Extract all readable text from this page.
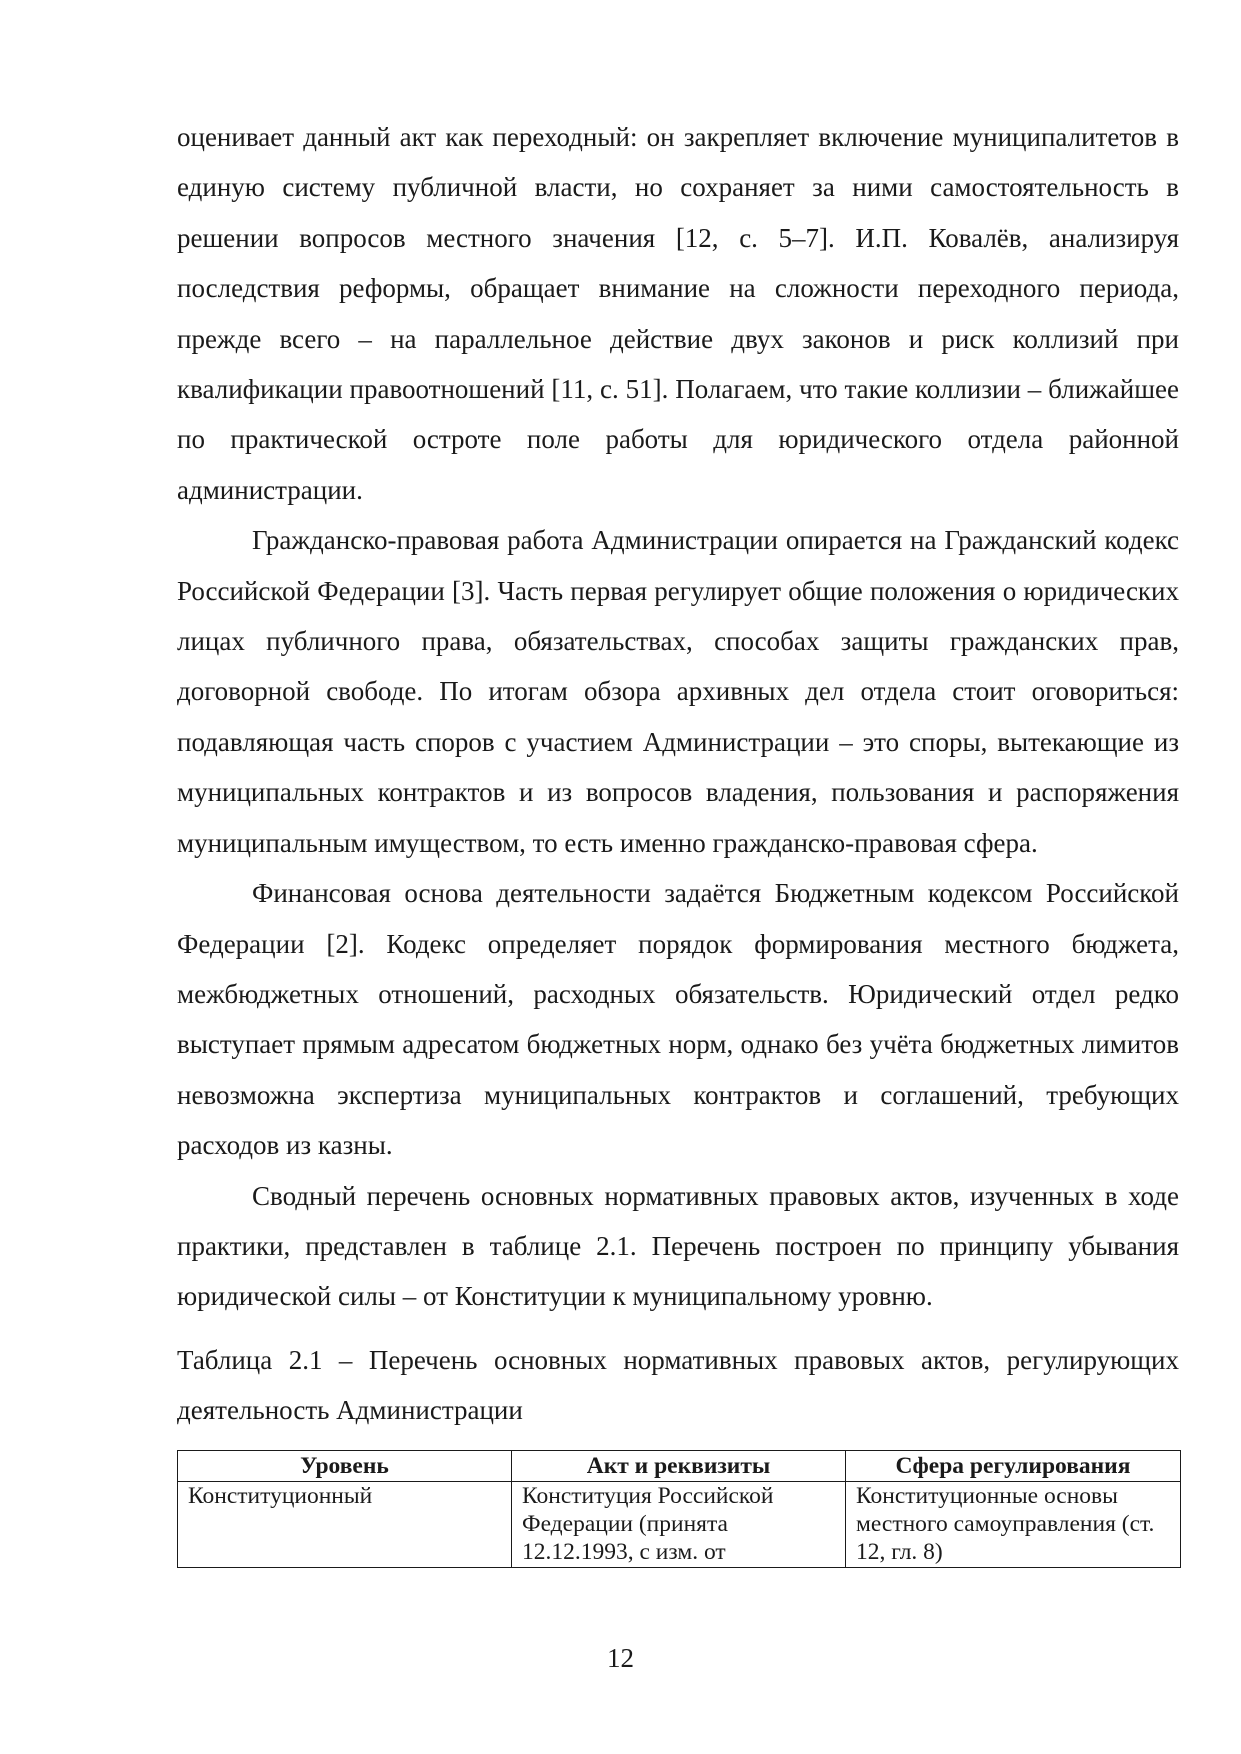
оценивает данный акт как переходный: он закрепляет включение муниципалитетов в единую систему публичной власти, но сохраняет за ними самостоятельность в решении вопросов местного значения [12, с. 5–7]. И.П. Ковалёв, анализируя последствия реформы, обращает внимание на сложности переходного периода, прежде всего – на параллельное действие двух законов и риск коллизий при квалификации правоотношений [11, с. 51]. Полагаем, что такие коллизии – ближайшее по практической остроте поле работы для юридического отдела районной администрации.

Гражданско-правовая работа Администрации опирается на Гражданский кодекс Российской Федерации [3]. Часть первая регулирует общие положения о юридических лицах публичного права, обязательствах, способах защиты гражданских прав, договорной свободе. По итогам обзора архивных дел отдела стоит оговориться: подавляющая часть споров с участием Администрации – это споры, вытекающие из муниципальных контрактов и из вопросов владения, пользования и распоряжения муниципальным имуществом, то есть именно гражданско-правовая сфера.

Финансовая основа деятельности задаётся Бюджетным кодексом Российской Федерации [2]. Кодекс определяет порядок формирования местного бюджета, межбюджетных отношений, расходных обязательств. Юридический отдел редко выступает прямым адресатом бюджетных норм, однако без учёта бюджетных лимитов невозможна экспертиза муниципальных контрактов и соглашений, требующих расходов из казны.

Сводный перечень основных нормативных правовых актов, изученных в ходе практики, представлен в таблице 2.1. Перечень построен по принципу убывания юридической силы – от Конституции к муниципальному уровню.

Таблица 2.1 – Перечень основных нормативных правовых актов, регулирующих деятельность Администрации

Уровень	Акт и реквизиты	Сфера регулирования
Конституционный	Конституция Российской Федерации (принята 12.12.1993, с изм. от	Конституционные основы местного самоуправления (ст. 12, гл. 8)
12
